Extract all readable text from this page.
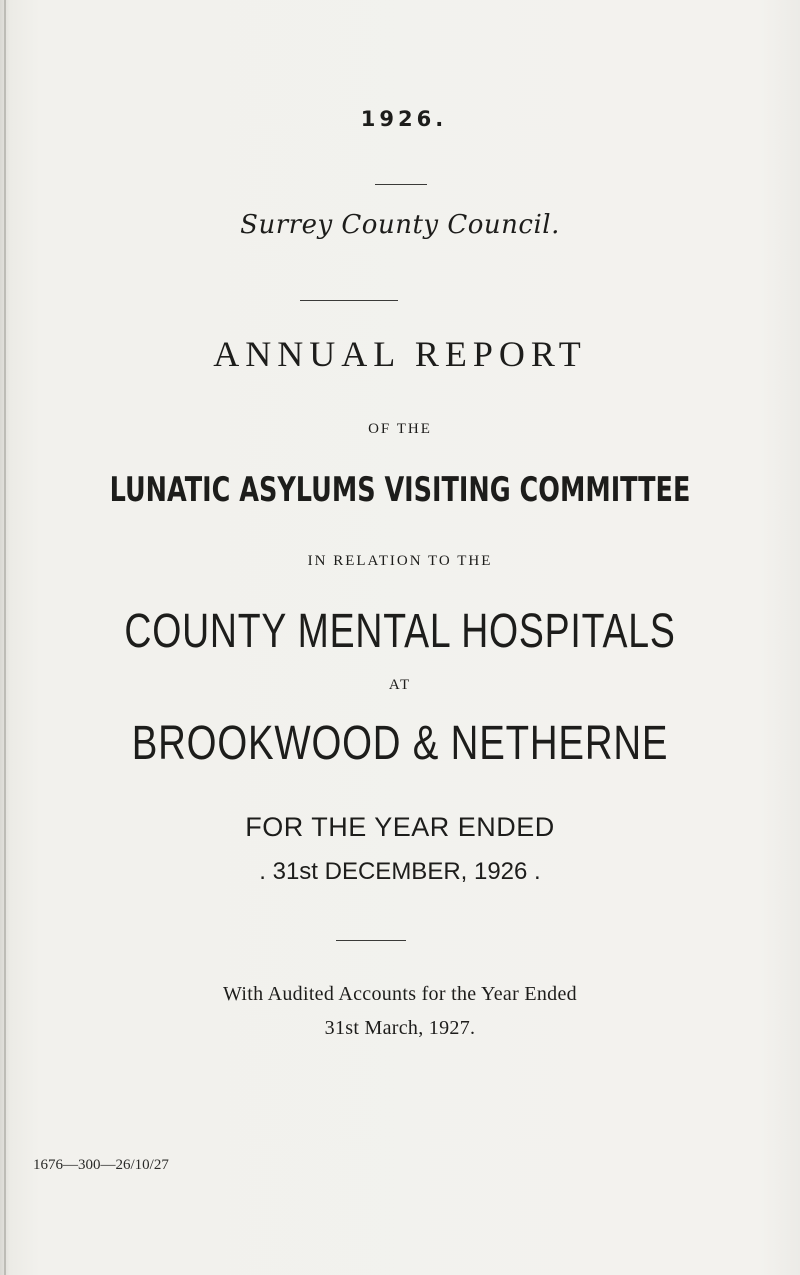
1926.
Surrey County Council.
ANNUAL REPORT
OF THE
LUNATIC ASYLUMS VISITING COMMITTEE
IN RELATION TO THE
COUNTY MENTAL HOSPITALS
AT
BROOKWOOD & NETHERNE
FOR THE YEAR ENDED
. 31st DECEMBER, 1926 .
With Audited Accounts for the Year Ended
31st March, 1927.
1676—300—26/10/27
